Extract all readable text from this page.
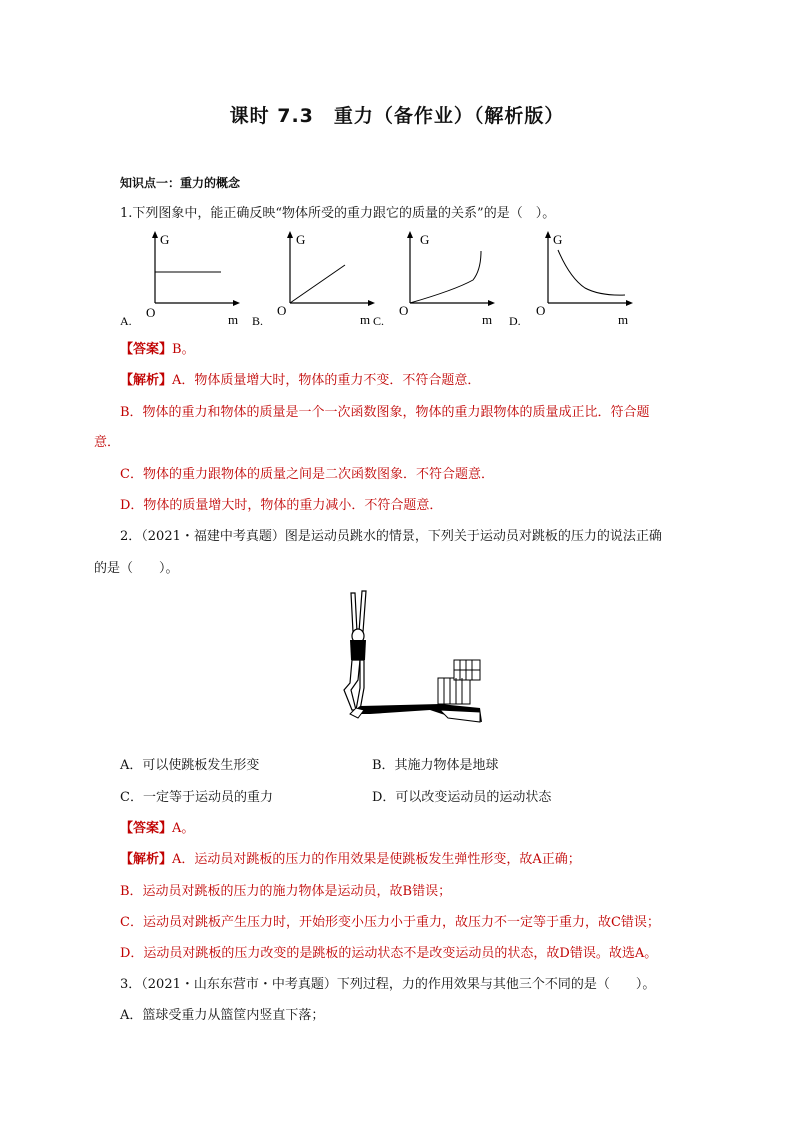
课时 7.3　重力（备作业）（解析版）
知识点一：重力的概念
1.下列图象中，能正确反映“物体所受的重力跟它的质量的关系”的是（　）。
G
O	m
A.
G
O
m
B.
G
O
m
C.
G
O
m
D.
【答案】B。
【解析】A．物体质量增大时，物体的重力不变．不符合题意．
B．物体的重力和物体的质量是一个一次函数图象，物体的重力跟物体的质量成正比．符合题
意．
C．物体的重力跟物体的质量之间是二次函数图象．不符合题意．
D．物体的质量增大时，物体的重力减小．不符合题意．
2．（2021・福建中考真题）图是运动员跳水的情景，下列关于运动员对跳板的压力的说法正确
的是（　　）。
A．可以使跳板发生形变	B．其施力物体是地球
C．一定等于运动员的重力	D．可以改变运动员的运动状态
【答案】A。
【解析】A．运动员对跳板的压力的作用效果是使跳板发生弹性形变，故A正确；
B．运动员对跳板的压力的施力物体是运动员，故B错误；
C．运动员对跳板产生压力时，开始形变小压力小于重力，故压力不一定等于重力，故C错误；
D．运动员对跳板的压力改变的是跳板的运动状态不是改变运动员的状态，故D错误。故选A。
3．（2021・山东东营市・中考真题）下列过程，力的作用效果与其他三个不同的是（　　）。
A．篮球受重力从篮筐内竖直下落；
